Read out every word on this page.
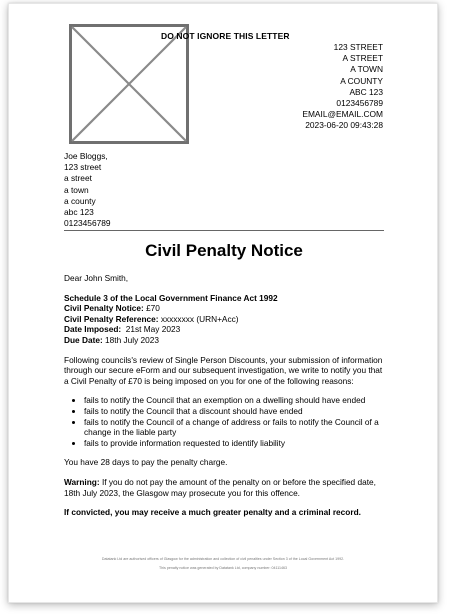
DO NOT IGNORE THIS LETTER
123 STREET
A STREET
A TOWN
A COUNTY
ABC 123
0123456789
EMAIL@EMAIL.COM
2023-06-20 09:43:28
Joe Bloggs,
123 street
a street
a town
a county
abc 123
0123456789
Civil Penalty Notice

Dear John Smith,

Schedule 3 of the Local Government Finance Act 1992
Civil Penalty Notice: £70
Civil Penalty Reference: xxxxxxxx (URN+Acc)
Date Imposed:  21st May 2023
Due Date: 18th July 2023

Following councils's review of Single Person Discounts, your submission of information through our secure eForm and our subsequent investigation, we write to notify you that a Civil Penalty of £70 is being imposed on you for one of the following reasons:

• fails to notify the Council that an exemption on a dwelling should have ended
• fails to notify the Council that a discount should have ended
• fails to notify the Council of a change of address or fails to notify the Council of a change in the liable party
• fails to provide information requested to identify liability

You have 28 days to pay the penalty charge.

Warning: If you do not pay the amount of the penalty on or before the specified date, 18th July 2023, the Glasgow may prosecute you for this offence.

If convicted, you may receive a much greater penalty and a criminal record.

Datatank Ltd are authorised officers of Glasgow for the administration and collection of civil penalties under Section 3 of the Local Government Act 1992.
This penalty notice was generated by Datatank Ltd, company number: 04111463
